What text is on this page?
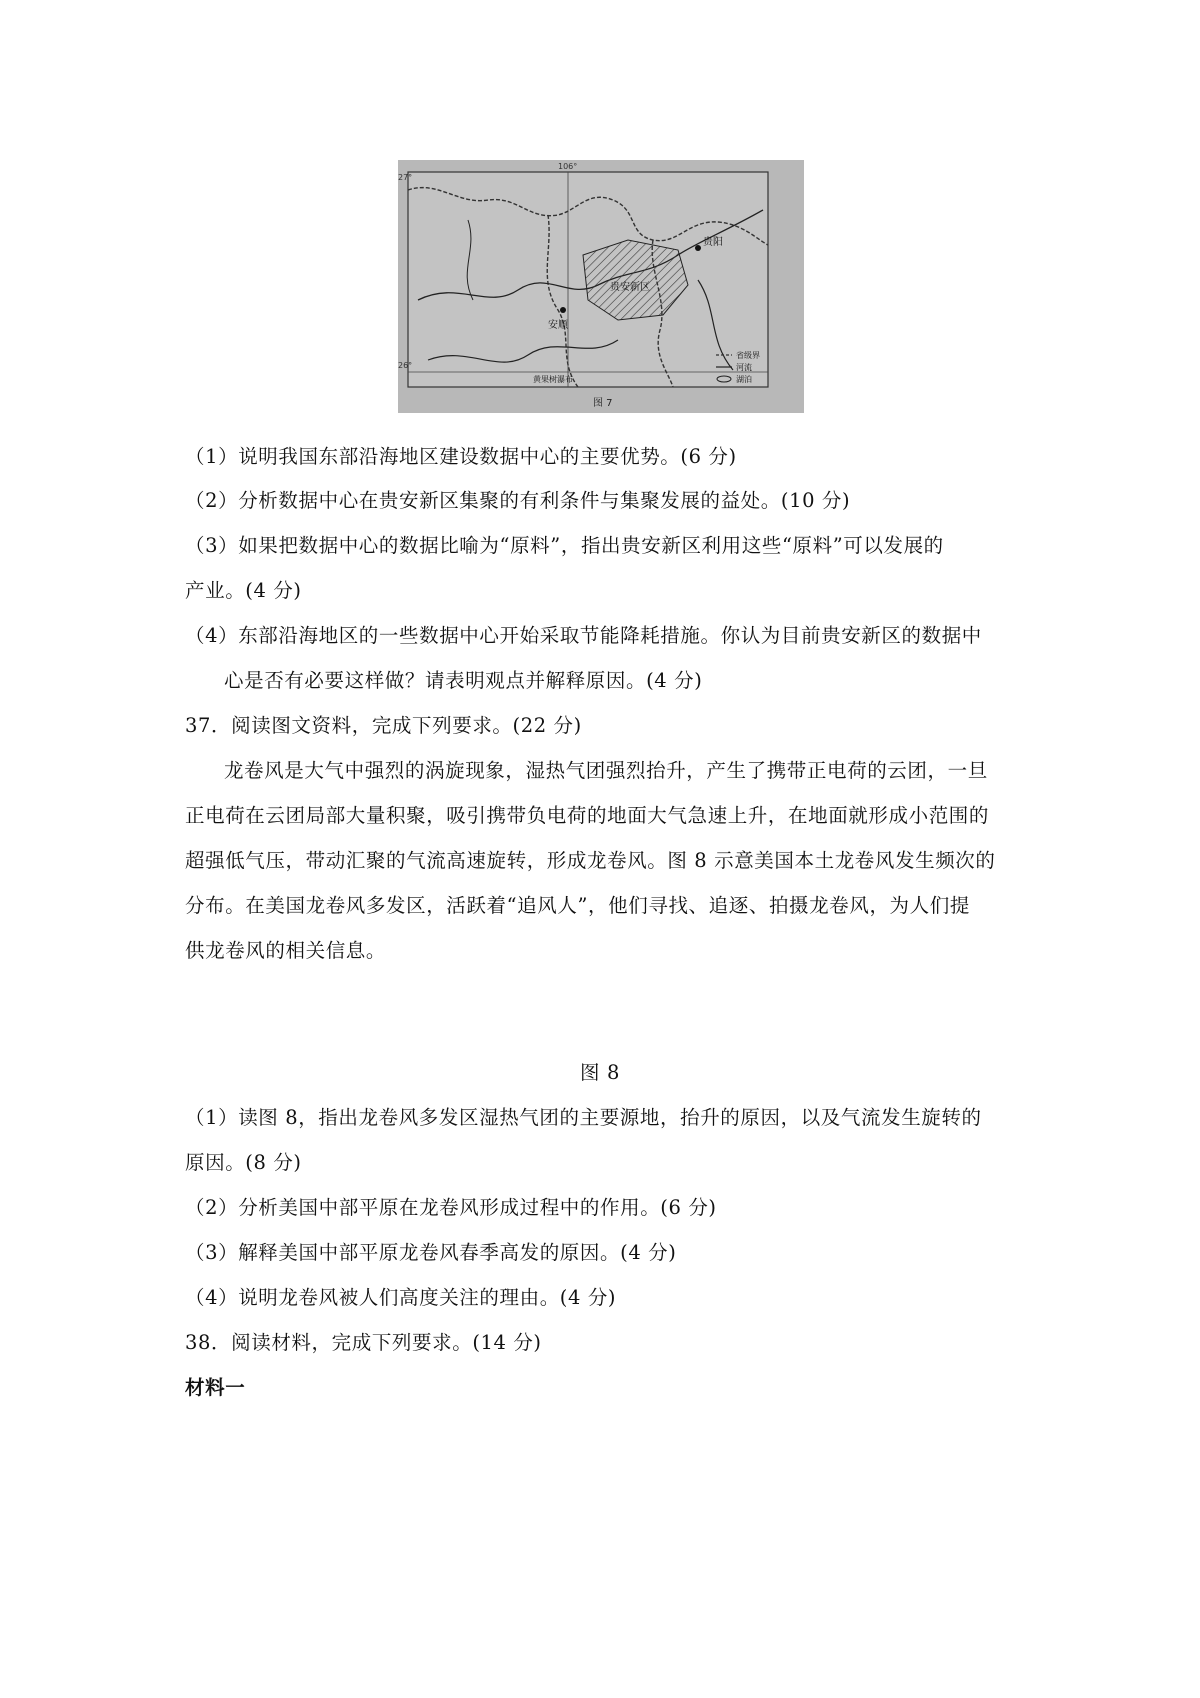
106°
27°
26°
贵阳
贵安新区
安顺
黄果树瀑布
省级界
河流
湖泊
图 7
（1）说明我国东部沿海地区建设数据中心的主要优势。(6 分)
（2）分析数据中心在贵安新区集聚的有利条件与集聚发展的益处。(10 分)
（3）如果把数据中心的数据比喻为“原料”，指出贵安新区利用这些“原料”可以发展的
产业。(4 分)
（4）东部沿海地区的一些数据中心开始采取节能降耗措施。你认为目前贵安新区的数据中
心是否有必要这样做？请表明观点并解释原因。(4 分)
37．阅读图文资料，完成下列要求。(22 分)
龙卷风是大气中强烈的涡旋现象，湿热气团强烈抬升，产生了携带正电荷的云团，一旦
正电荷在云团局部大量积聚，吸引携带负电荷的地面大气急速上升，在地面就形成小范围的
超强低气压，带动汇聚的气流高速旋转，形成龙卷风。图 8 示意美国本土龙卷风发生频次的
分布。在美国龙卷风多发区，活跃着“追风人”，他们寻找、追逐、拍摄龙卷风，为人们提
供龙卷风的相关信息。
图 8
（1）读图 8，指出龙卷风多发区湿热气团的主要源地，抬升的原因，以及气流发生旋转的
原因。(8 分)
（2）分析美国中部平原在龙卷风形成过程中的作用。(6 分)
（3）解释美国中部平原龙卷风春季高发的原因。(4 分)
（4）说明龙卷风被人们高度关注的理由。(4 分)
38．阅读材料，完成下列要求。(14 分)
材料一
